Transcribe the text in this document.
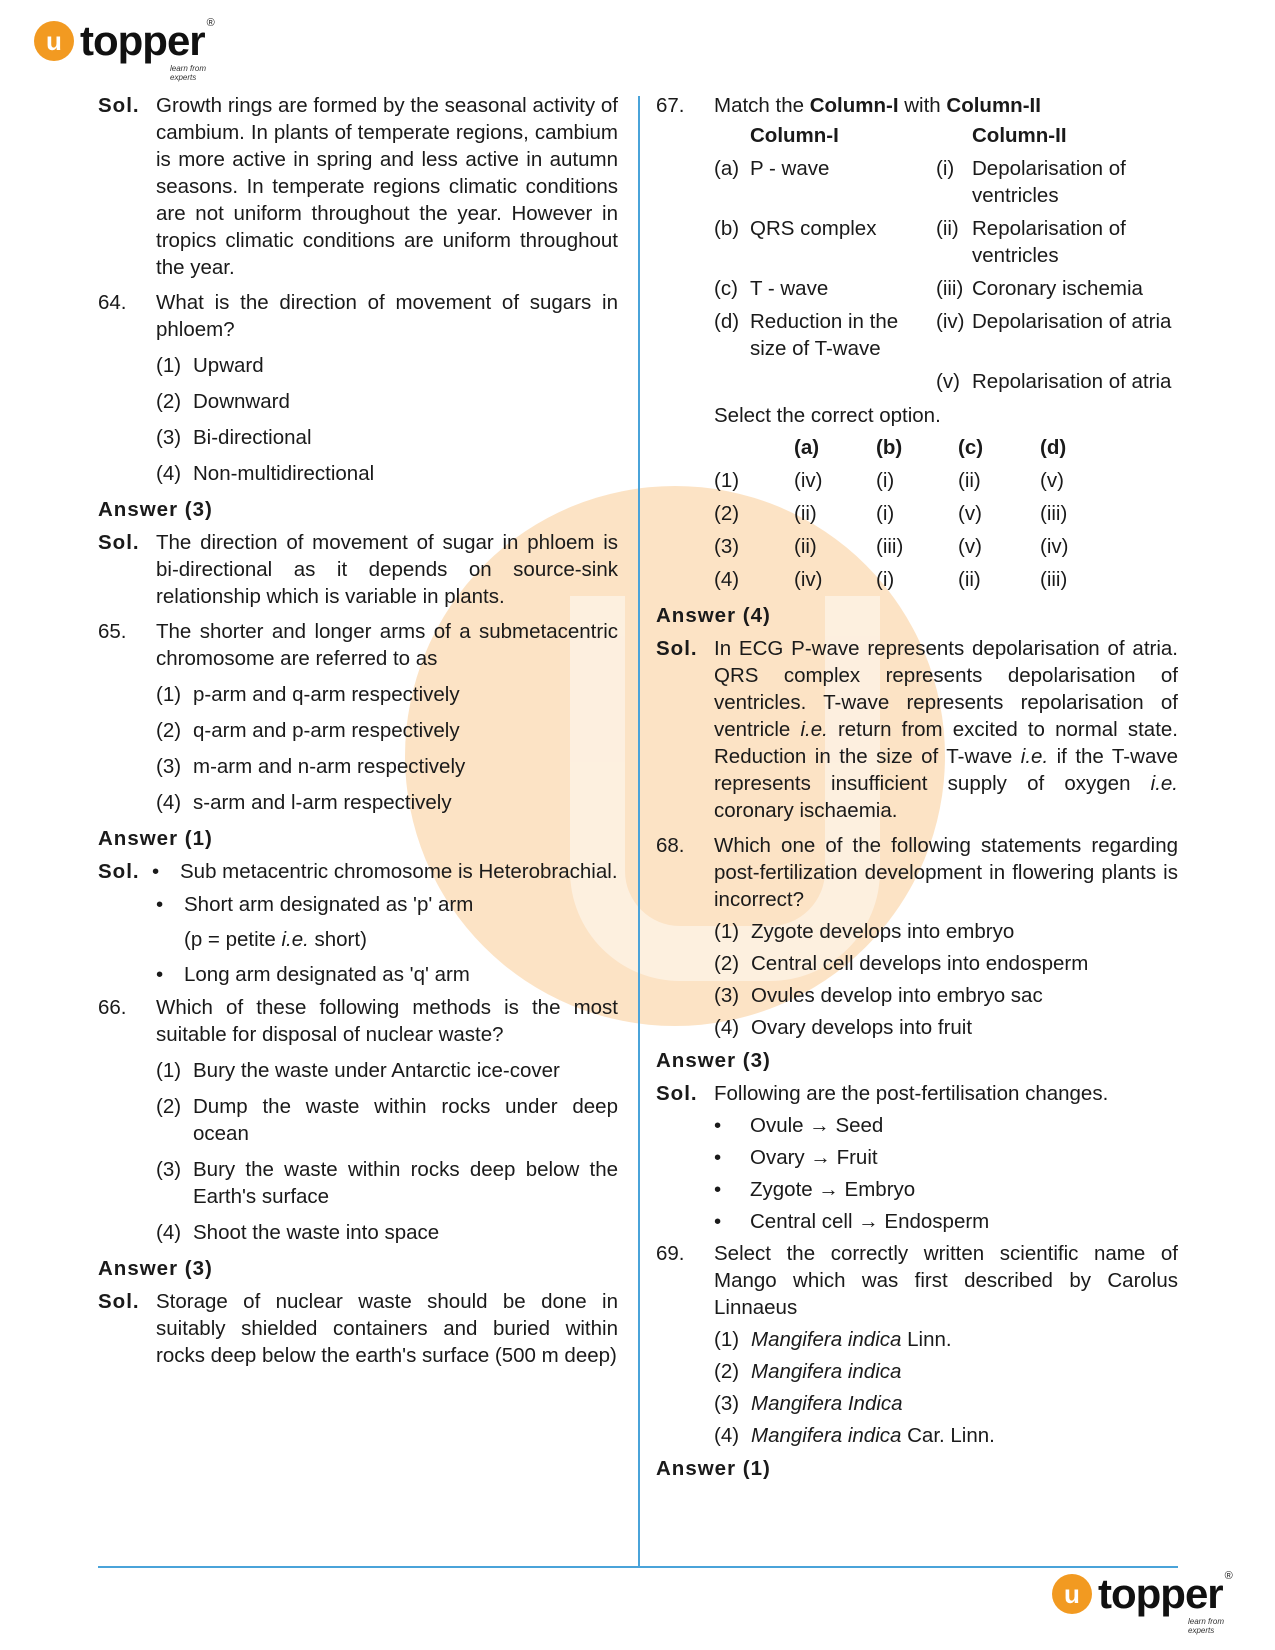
u topper ®
learn from experts
Sol. Growth rings are formed by the seasonal activity of cambium. In plants of temperate regions, cambium is more active in spring and less active in autumn seasons. In temperate regions climatic conditions are not uniform throughout the year. However in tropics climatic conditions are uniform throughout the year.
64.	What is the direction of movement of sugars in phloem?
(1) Upward
(2) Downward
(3) Bi-directional
(4) Non-multidirectional
Answer (3)
Sol. The direction of movement of sugar in phloem is bi-directional as it depends on source-sink relationship which is variable in plants.
65.	The shorter and longer arms of a submetacentric chromosome are referred to as
(1) p-arm and q-arm respectively
(2) q-arm and p-arm respectively
(3) m-arm and n-arm respectively
(4) s-arm and l-arm respectively
Answer (1)
Sol. •	Sub metacentric chromosome is Heterobrachial.
•	Short arm designated as 'p' arm
(p = petite i.e. short)
•	Long arm designated as 'q' arm
66.	Which of these following methods is the most suitable for disposal of nuclear waste?
(1) Bury the waste under Antarctic ice-cover
(2) Dump the waste within rocks under deep ocean
(3) Bury the waste within rocks deep below the Earth's surface
(4) Shoot the waste into space
Answer (3)
Sol. Storage of nuclear waste should be done in suitably shielded containers and buried within rocks deep below the earth's surface (500 m deep)
67.	Match the Column-I with Column-II
	Column-I		Column-II
(a)	P - wave	(i)	Depolarisation of ventricles
(b)	QRS complex	(ii)	Repolarisation of ventricles
(c)	T - wave	(iii)	Coronary ischemia
(d)	Reduction in the size of T-wave	(iv)	Depolarisation of atria
		(v)	Repolarisation of atria
Select the correct option.
	(a)	(b)	(c)	(d)
(1)	(iv)	(i)	(ii)	(v)
(2)	(ii)	(i)	(v)	(iii)
(3)	(ii)	(iii)	(v)	(iv)
(4)	(iv)	(i)	(ii)	(iii)
Answer (4)
Sol. In ECG P-wave represents depolarisation of atria. QRS complex represents depolarisation of ventricles. T-wave represents repolarisation of ventricle i.e. return from excited to normal state. Reduction in the size of T-wave i.e. if the T-wave represents insufficient supply of oxygen i.e. coronary ischaemia.
68.	Which one of the following statements regarding post-fertilization development in flowering plants is incorrect?
(1) Zygote develops into embryo
(2) Central cell develops into endosperm
(3) Ovules develop into embryo sac
(4) Ovary develops into fruit
Answer (3)
Sol. Following are the post-fertilisation changes.
•	Ovule → Seed
•	Ovary → Fruit
•	Zygote → Embryo
•	Central cell → Endosperm
69.	Select the correctly written scientific name of Mango which was first described by Carolus Linnaeus
(1) Mangifera indica Linn.
(2) Mangifera indica
(3) Mangifera Indica
(4) Mangifera indica Car. Linn.
Answer (1)
u topper ®
learn from experts
